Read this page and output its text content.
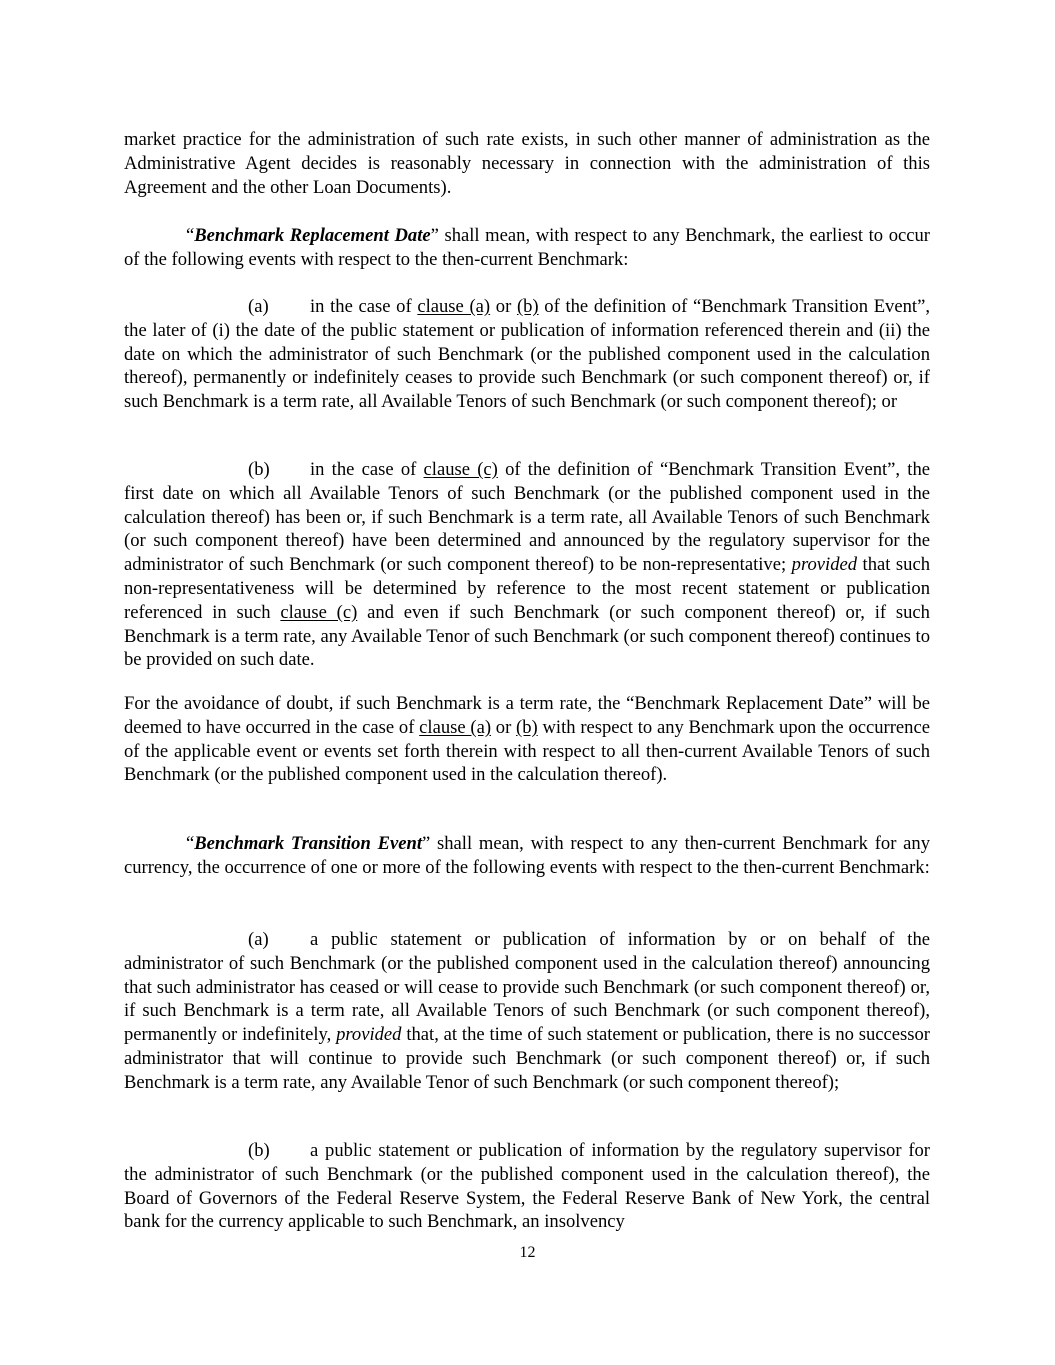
market practice for the administration of such rate exists, in such other manner of administration as the Administrative Agent decides is reasonably necessary in connection with the administration of this Agreement and the other Loan Documents).

“Benchmark Replacement Date” shall mean, with respect to any Benchmark, the earliest to occur of the following events with respect to the then-current Benchmark:

(a) in the case of clause (a) or (b) of the definition of “Benchmark Transition Event”, the later of (i) the date of the public statement or publication of information referenced therein and (ii) the date on which the administrator of such Benchmark (or the published component used in the calculation thereof), permanently or indefinitely ceases to provide such Benchmark (or such component thereof) or, if such Benchmark is a term rate, all Available Tenors of such Benchmark (or such component thereof); or

(b) in the case of clause (c) of the definition of “Benchmark Transition Event”, the first date on which all Available Tenors of such Benchmark (or the published component used in the calculation thereof) has been or, if such Benchmark is a term rate, all Available Tenors of such Benchmark (or such component thereof) have been determined and announced by the regulatory supervisor for the administrator of such Benchmark (or such component thereof) to be non-representative; provided that such non-representativeness will be determined by reference to the most recent statement or publication referenced in such clause (c) and even if such Benchmark (or such component thereof) or, if such Benchmark is a term rate, any Available Tenor of such Benchmark (or such component thereof) continues to be provided on such date.

For the avoidance of doubt, if such Benchmark is a term rate, the “Benchmark Replacement Date” will be deemed to have occurred in the case of clause (a) or (b) with respect to any Benchmark upon the occurrence of the applicable event or events set forth therein with respect to all then-current Available Tenors of such Benchmark (or the published component used in the calculation thereof).

“Benchmark Transition Event” shall mean, with respect to any then-current Benchmark for any currency, the occurrence of one or more of the following events with respect to the then-current Benchmark:

(a) a public statement or publication of information by or on behalf of the administrator of such Benchmark (or the published component used in the calculation thereof) announcing that such administrator has ceased or will cease to provide such Benchmark (or such component thereof) or, if such Benchmark is a term rate, all Available Tenors of such Benchmark (or such component thereof), permanently or indefinitely, provided that, at the time of such statement or publication, there is no successor administrator that will continue to provide such Benchmark (or such component thereof) or, if such Benchmark is a term rate, any Available Tenor of such Benchmark (or such component thereof);

(b) a public statement or publication of information by the regulatory supervisor for the administrator of such Benchmark (or the published component used in the calculation thereof), the Board of Governors of the Federal Reserve System, the Federal Reserve Bank of New York, the central bank for the currency applicable to such Benchmark, an insolvency

12
